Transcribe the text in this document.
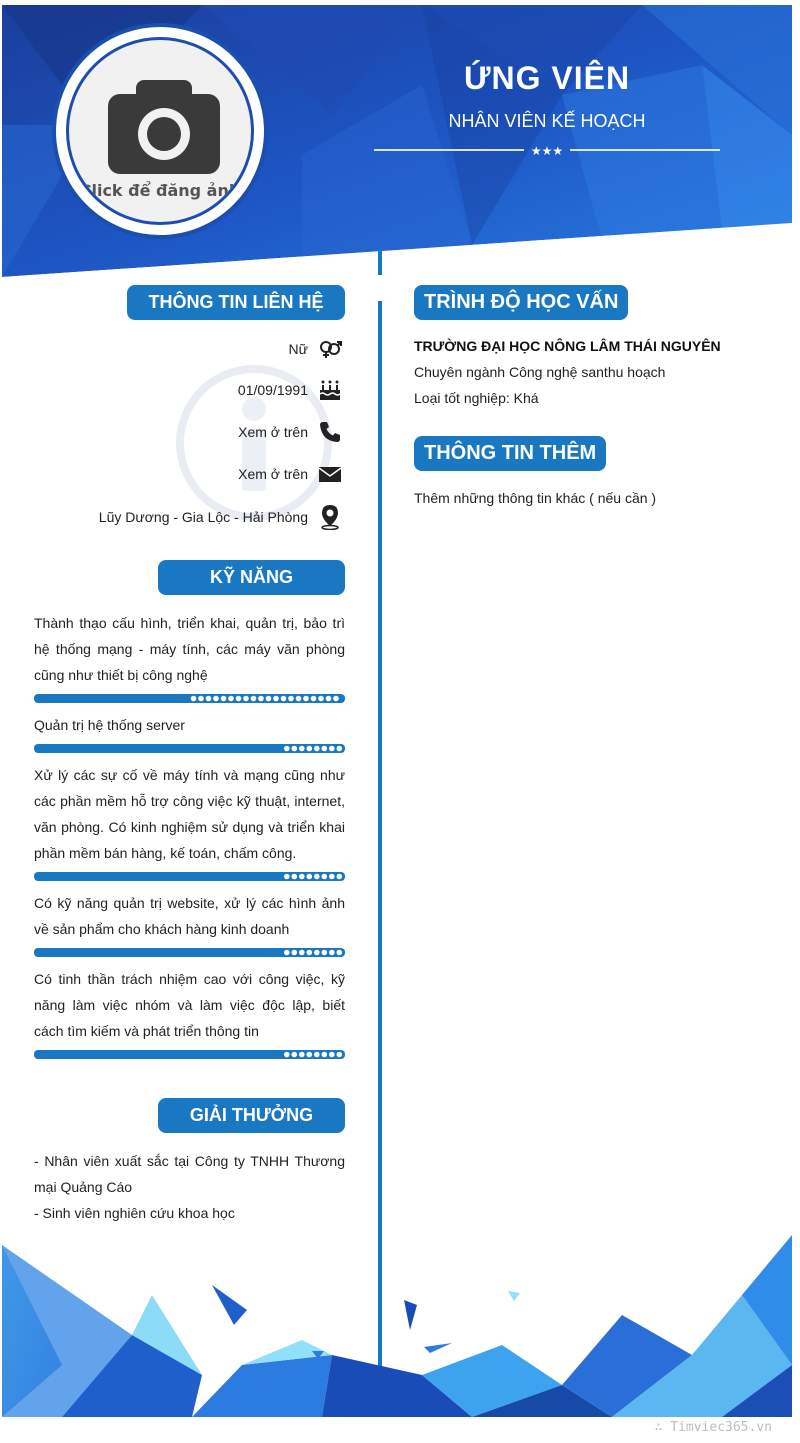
Click để đăng ảnh
ỨNG VIÊN
NHÂN VIÊN KẾ HOẠCH
★★★
THÔNG TIN LIÊN HỆ
Nữ
01/09/1991
Xem ở trên
Xem ở trên
Lũy Dương - Gia Lộc - Hải Phòng
KỸ NĂNG
Thành thạo cấu hình, triển khai, quản trị, bảo trì hệ thống mạng - máy tính, các máy văn phòng cũng như thiết bị công nghệ
Quản trị hệ thống server
Xử lý các sự cố về máy tính và mạng cũng như các phần mềm hỗ trợ công việc kỹ thuật, internet, văn phòng. Có kinh nghiệm sử dụng và triển khai phần mềm bán hàng, kế toán, chấm công.
Có kỹ năng quản trị website, xử lý các hình ảnh về sản phẩm cho khách hàng kinh doanh
Có tinh thần trách nhiệm cao với công việc, kỹ năng làm việc nhóm và làm việc độc lập, biết cách tìm kiếm và phát triển thông tin
GIẢI THƯỞNG
- Nhân viên xuất sắc tại Công ty TNHH Thương mại Quảng Cáo
- Sinh viên nghiên cứu khoa học
TRÌNH ĐỘ HỌC VẤN
TRƯỜNG ĐẠI HỌC NÔNG LÂM THÁI NGUYÊN
Chuyên ngành Công nghệ santhu hoạch
Loại tốt nghiệp: Khá
THÔNG TIN THÊM
Thêm những thông tin khác ( nếu cần )
∴ Timviec365.vn
